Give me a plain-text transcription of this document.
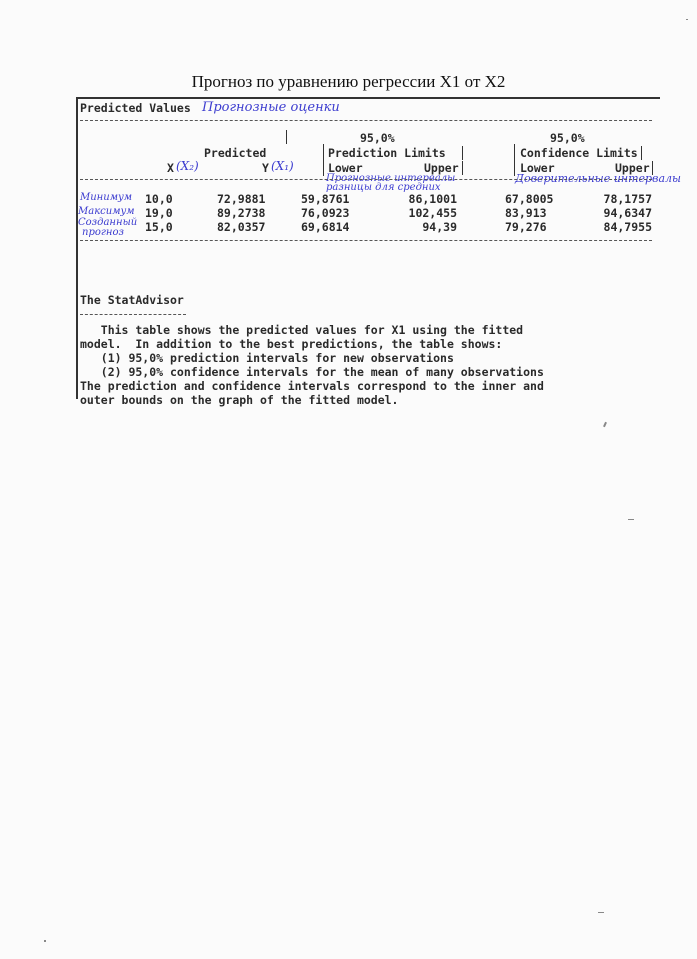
Прогноз по уравнению регрессии X1 от X2
Predicted Values Прогнозные оценки
95,0%	95,0%
Predicted	Prediction Limits	Confidence Limits
X (X₂)	Y (X₁)	Lower	Upper	Lower	Upper
Прогнозные интервалы
разницы для средних
Доверительные интервалы
Минимум 10,0	72,9881	59,8761	86,1001	67,8005	78,1757
Максимум 19,0	89,2738	76,0923	102,455	83,913	94,6347
Созданный
прогноз 15,0	82,0357	69,6814	94,39	79,276	84,7955
The StatAdvisor
This table shows the predicted values for X1 using the fitted
model.  In addition to the best predictions, the table shows:
(1) 95,0% prediction intervals for new observations
(2) 95,0% confidence intervals for the mean of many observations
The prediction and confidence intervals correspond to the inner and
outer bounds on the graph of the fitted model.
